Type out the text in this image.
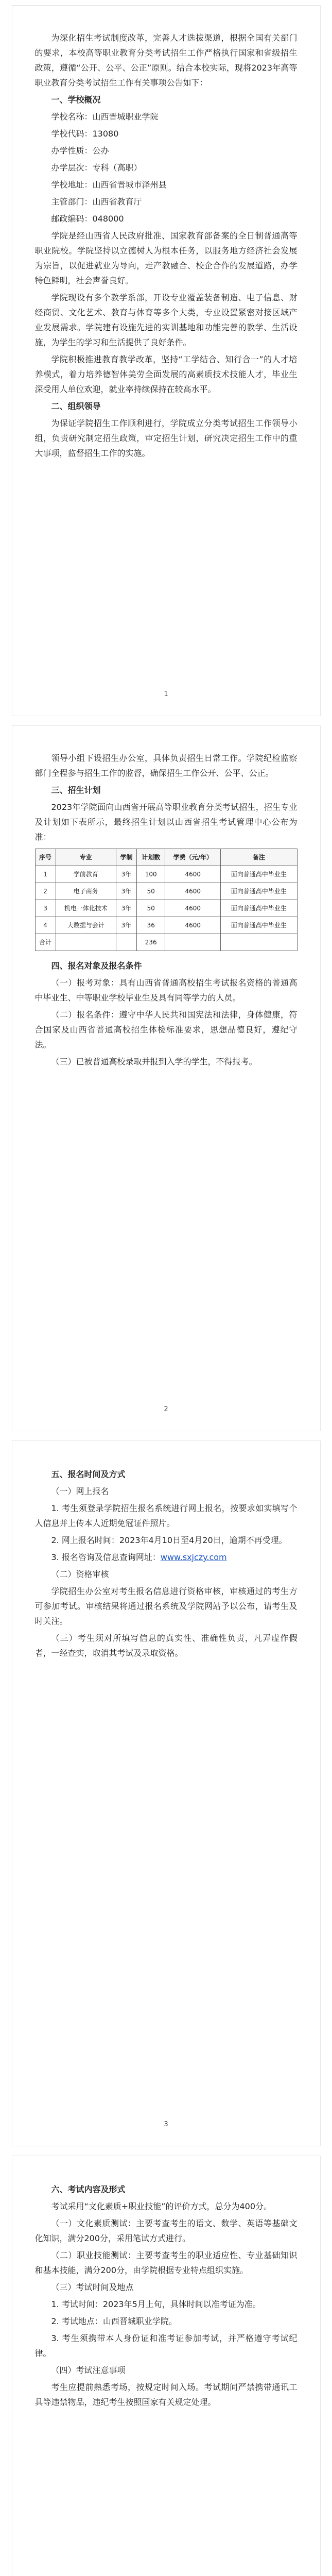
为深化招生考试制度改革，完善人才选拔渠道，根据全国有关部门的要求，本校高等职业教育分类考试招生工作严格执行国家和省级招生政策，遵循“公开、公平、公正”原则。结合本校实际，现将2023年高等职业教育分类考试招生工作有关事项公告如下：

一、学校概况

学校名称：山西晋城职业学院

学校代码：13080

办学性质：公办

办学层次：专科（高职）

学校地址：山西省晋城市泽州县

主管部门：山西省教育厅

邮政编码：048000

学院是经山西省人民政府批准、国家教育部备案的全日制普通高等职业院校。学院坚持以立德树人为根本任务，以服务地方经济社会发展为宗旨，以促进就业为导向，走产教融合、校企合作的发展道路，办学特色鲜明，社会声誉良好。

学院现设有多个教学系部，开设专业覆盖装备制造、电子信息、财经商贸、文化艺术、教育与体育等多个大类，专业设置紧密对接区域产业发展需求。学院建有设施先进的实训基地和功能完善的教学、生活设施，为学生的学习和生活提供了良好条件。

学院积极推进教育教学改革，坚持“工学结合、知行合一”的人才培养模式，着力培养德智体美劳全面发展的高素质技术技能人才，毕业生深受用人单位欢迎，就业率持续保持在较高水平。

二、组织领导

为保证学院招生工作顺利进行，学院成立分类考试招生工作领导小组，负责研究制定招生政策，审定招生计划，研究决定招生工作中的重大事项，监督招生工作的实施。

1

领导小组下设招生办公室，具体负责招生日常工作。学院纪检监察部门全程参与招生工作的监督，确保招生工作公开、公平、公正。

三、招生计划

2023年学院面向山西省开展高等职业教育分类考试招生，招生专业及计划如下表所示，最终招生计划以山西省招生考试管理中心公布为准：

序号	专业	学制	计划数	学费（元/年）	备注
1	学前教育	3年	100	4600	面向普通高中毕业生
2	电子商务	3年	50	4600	面向普通高中毕业生
3	机电一体化技术	3年	50	4600	面向普通高中毕业生
4	大数据与会计	3年	36	4600	面向普通高中毕业生
合计			236		
四、报名对象及报名条件

（一）报考对象：具有山西省普通高校招生考试报名资格的普通高中毕业生、中等职业学校毕业生及具有同等学力的人员。

（二）报名条件：遵守中华人民共和国宪法和法律，身体健康，符合国家及山西省普通高校招生体检标准要求，思想品德良好，遵纪守法。

（三）已被普通高校录取并报到入学的学生，不得报考。

2
五、报名时间及方式

（一）网上报名

1. 考生须登录学院招生报名系统进行网上报名，按要求如实填写个人信息并上传本人近期免冠证件照片。

2. 网上报名时间：2023年4月10日至4月20日，逾期不再受理。

3. 报名咨询及信息查询网址：www.sxjczy.com

（二）资格审核

学院招生办公室对考生报名信息进行资格审核，审核通过的考生方可参加考试。审核结果将通过报名系统及学院网站予以公布，请考生及时关注。

（三）考生须对所填写信息的真实性、准确性负责，凡弄虚作假者，一经查实，取消其考试及录取资格。

3
六、考试内容及形式

考试采用“文化素质+职业技能”的评价方式，总分为400分。

（一）文化素质测试：主要考查考生的语文、数学、英语等基础文化知识，满分200分，采用笔试方式进行。

（二）职业技能测试：主要考查考生的职业适应性、专业基础知识和基本技能，满分200分，由学院根据专业特点组织实施。

（三）考试时间及地点

1. 考试时间：2023年5月上旬，具体时间以准考证为准。

2. 考试地点：山西晋城职业学院。

3. 考生须携带本人身份证和准考证参加考试，并严格遵守考试纪律。

（四）考试注意事项

考生应提前熟悉考场，按规定时间入场。考试期间严禁携带通讯工具等违禁物品，违纪考生按照国家有关规定处理。
